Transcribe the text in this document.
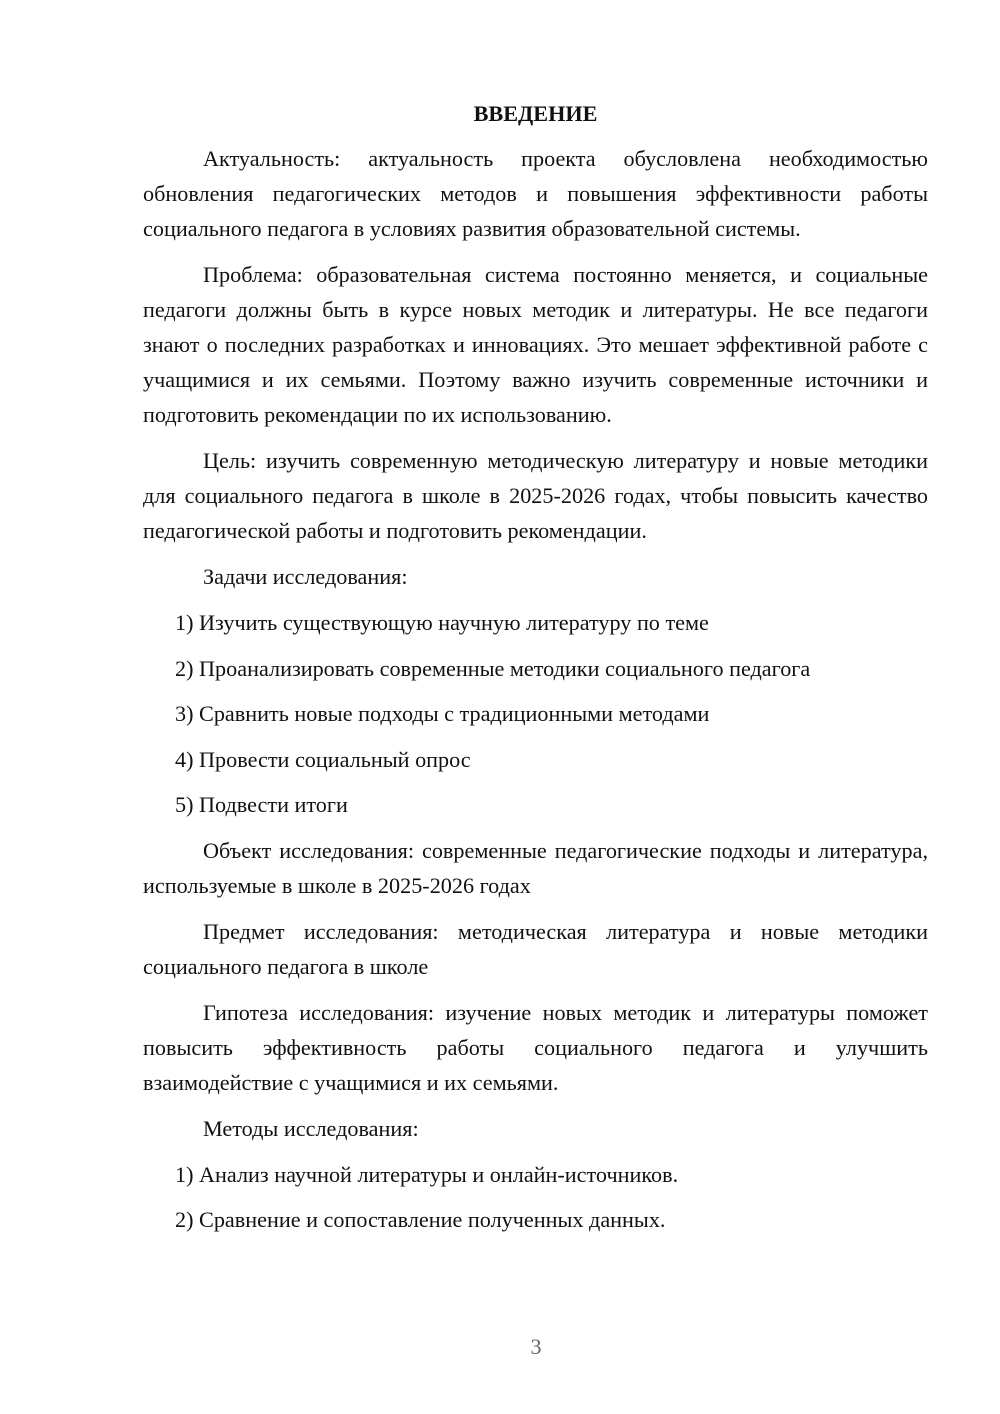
ВВЕДЕНИЕ
Актуальность: актуальность проекта обусловлена необходимостью обновления педагогических методов и повышения эффективности работы социального педагога в условиях развития образовательной системы.
Проблема: образовательная система постоянно меняется, и социальные педагоги должны быть в курсе новых методик и литературы. Не все педагоги знают о последних разработках и инновациях. Это мешает эффективной работе с учащимися и их семьями. Поэтому важно изучить современные источники и подготовить рекомендации по их использованию.
Цель: изучить современную методическую литературу и новые методики для социального педагога в школе в 2025-2026 годах, чтобы повысить качество педагогической работы и подготовить рекомендации.
Задачи исследования:
1) Изучить существующую научную литературу по теме
2) Проанализировать современные методики социального педагога
3) Сравнить новые подходы с традиционными методами
4) Провести социальный опрос
5) Подвести итоги
Объект исследования: современные педагогические подходы и литература, используемые в школе в 2025-2026 годах
Предмет исследования: методическая литература и новые методики социального педагога в школе
Гипотеза исследования: изучение новых методик и литературы поможет повысить эффективность работы социального педагога и улучшить взаимодействие с учащимися и их семьями.
Методы исследования:
1) Анализ научной литературы и онлайн-источников.
2) Сравнение и сопоставление полученных данных.
3
